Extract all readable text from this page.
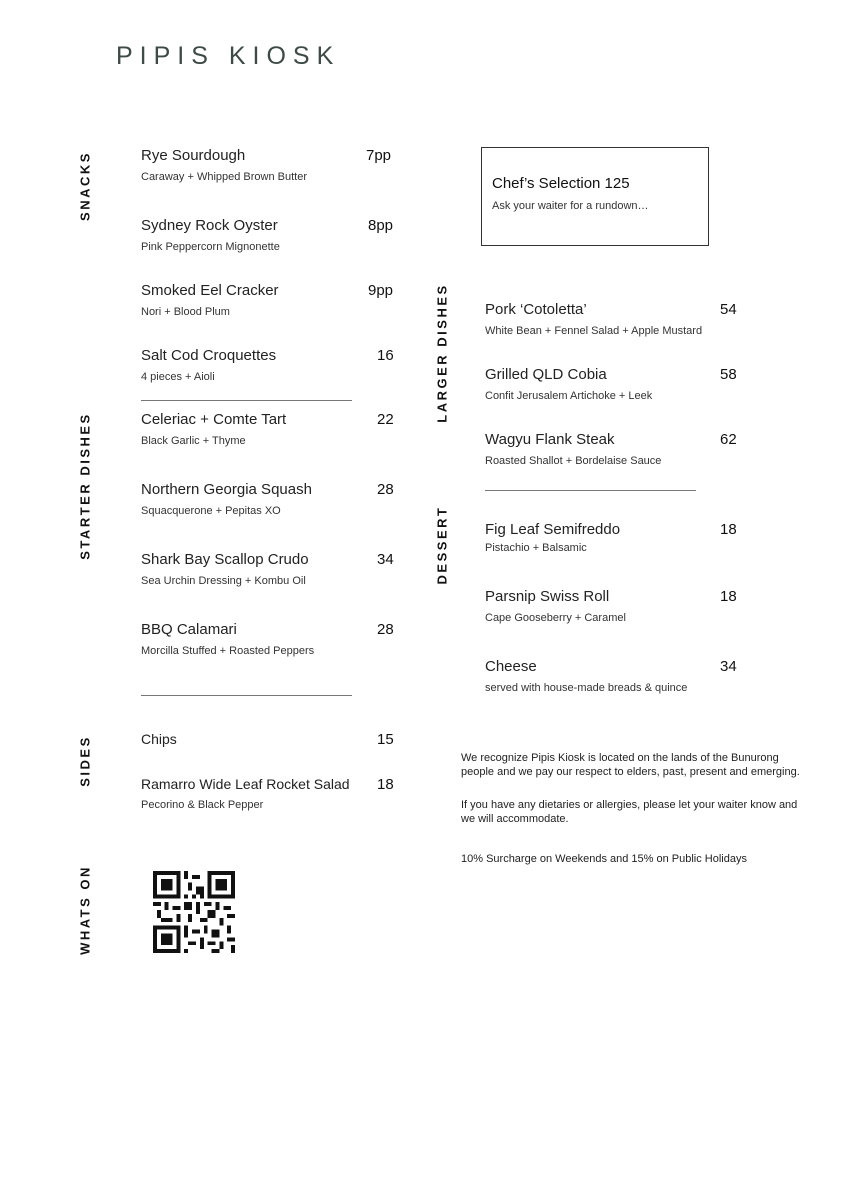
PIPIS KIOSK
SNACKS
STARTER DISHES
SIDES
WHATS ON
LARGER DISHES
DESSERT
Rye Sourdough
Caraway + Whipped Brown Butter
7pp
Sydney Rock Oyster
Pink Peppercorn Mignonette
8pp
Smoked Eel Cracker
Nori + Blood Plum
9pp
Salt Cod Croquettes
4 pieces + Aioli
16
Celeriac + Comte Tart
Black Garlic + Thyme
22
Northern Georgia Squash
Squacquerone + Pepitas XO
28
Shark Bay Scallop Crudo
Sea Urchin Dressing + Kombu Oil
34
BBQ Calamari
Morcilla Stuffed + Roasted Peppers
28
Chips	15
Ramarro Wide Leaf Rocket Salad
Pecorino & Black Pepper
18
Chef’s Selection 125
Ask your waiter for a rundown…
Pork ‘Cotoletta’
White Bean + Fennel Salad + Apple Mustard
54
Grilled QLD Cobia
Confit Jerusalem Artichoke + Leek
58
Wagyu Flank Steak
Roasted Shallot + Bordelaise Sauce
62
Fig Leaf Semifreddo
Pistachio + Balsamic
18
Parsnip Swiss Roll
Cape Gooseberry + Caramel
18
Cheese
served with house-made breads & quince
34
We recognize Pipis Kiosk is located on the lands of the Bunurong people and we pay our respect to elders, past, present and emerging.
If you have any dietaries or allergies, please let your waiter know and we will accommodate.
10% Surcharge on Weekends and 15% on Public Holidays
